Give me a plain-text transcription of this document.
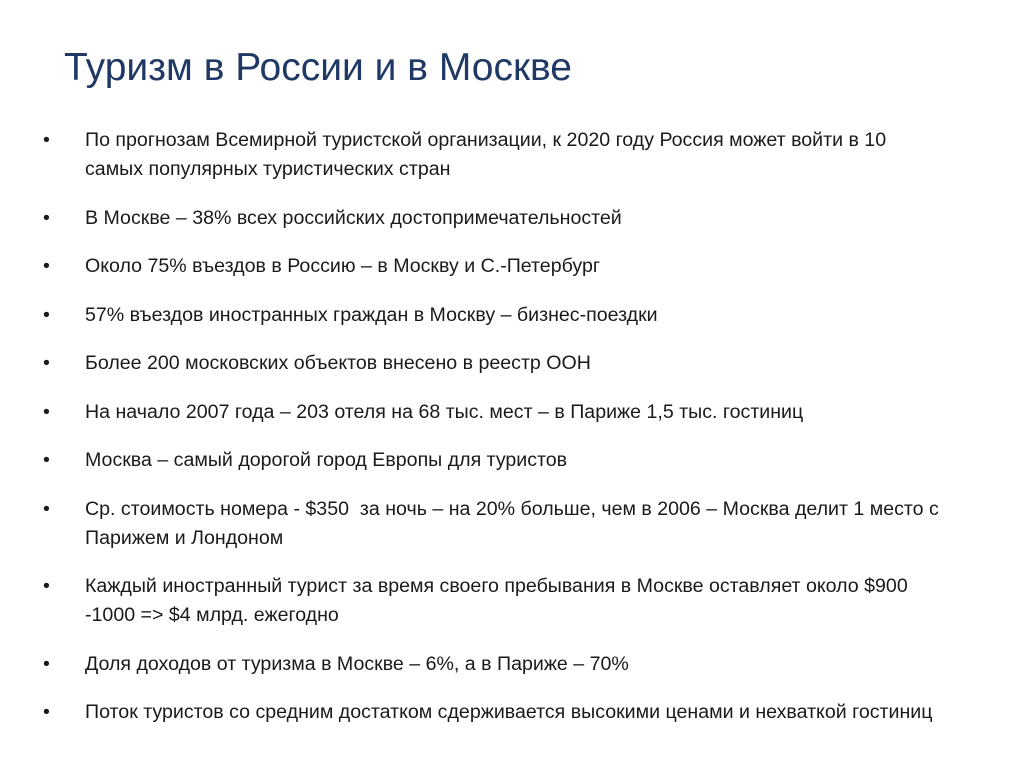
Туризм в России и в Москве
• По прогнозам Всемирной туристской организации, к 2020 году Россия может войти в 10 самых популярных туристических стран
• В Москве – 38% всех российских достопримечательностей
• Около 75% въездов в Россию – в Москву и С.-Петербург
• 57% въездов иностранных граждан в Москву – бизнес-поездки
• Более 200 московских объектов внесено в реестр ООН
• На начало 2007 года – 203 отеля на 68 тыс. мест – в Париже 1,5 тыс. гостиниц
• Москва – самый дорогой город Европы для туристов
• Ср. стоимость номера - $350  за ночь – на 20% больше, чем в 2006 – Москва делит 1 место с Парижем и Лондоном
• Каждый иностранный турист за время своего пребывания в Москве оставляет около $900 -1000 => $4 млрд. ежегодно
• Доля доходов от туризма в Москве – 6%, а в Париже – 70%
• Поток туристов со средним достатком сдерживается высокими ценами и нехваткой гостиниц
